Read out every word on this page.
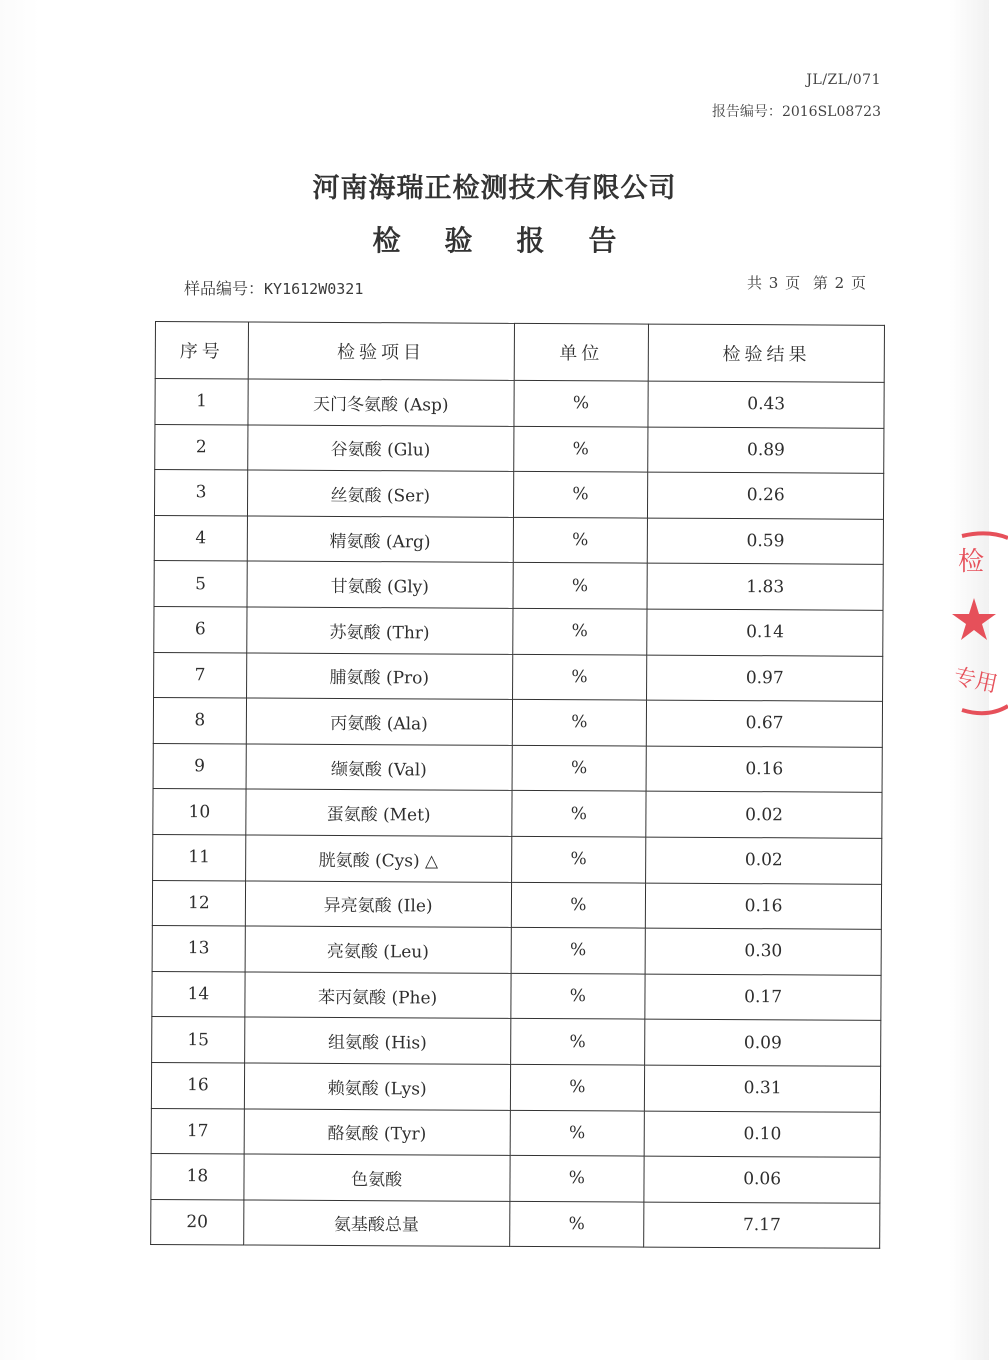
JL/ZL/071
报告编号：2016SL08723
河南海瑞正检测技术有限公司
检验报告
样品编号：KY1612W0321	共 3 页 第 2 页
序号	检验项目	单位	检验结果
1	天门冬氨酸 (Asp)	%	0.43
2	谷氨酸 (Glu)	%	0.89
3	丝氨酸 (Ser)	%	0.26
4	精氨酸 (Arg)	%	0.59
5	甘氨酸 (Gly)	%	1.83
6	苏氨酸 (Thr)	%	0.14
7	脯氨酸 (Pro)	%	0.97
8	丙氨酸 (Ala)	%	0.67
9	缬氨酸 (Val)	%	0.16
10	蛋氨酸 (Met)	%	0.02
11	胱氨酸 (Cys) △	%	0.02
12	异亮氨酸 (Ile)	%	0.16
13	亮氨酸 (Leu)	%	0.30
14	苯丙氨酸 (Phe)	%	0.17
15	组氨酸 (His)	%	0.09
16	赖氨酸 (Lys)	%	0.31
17	酪氨酸 (Tyr)	%	0.10
18	色氨酸	%	0.06
20	氨基酸总量	%	7.17
检
专用
